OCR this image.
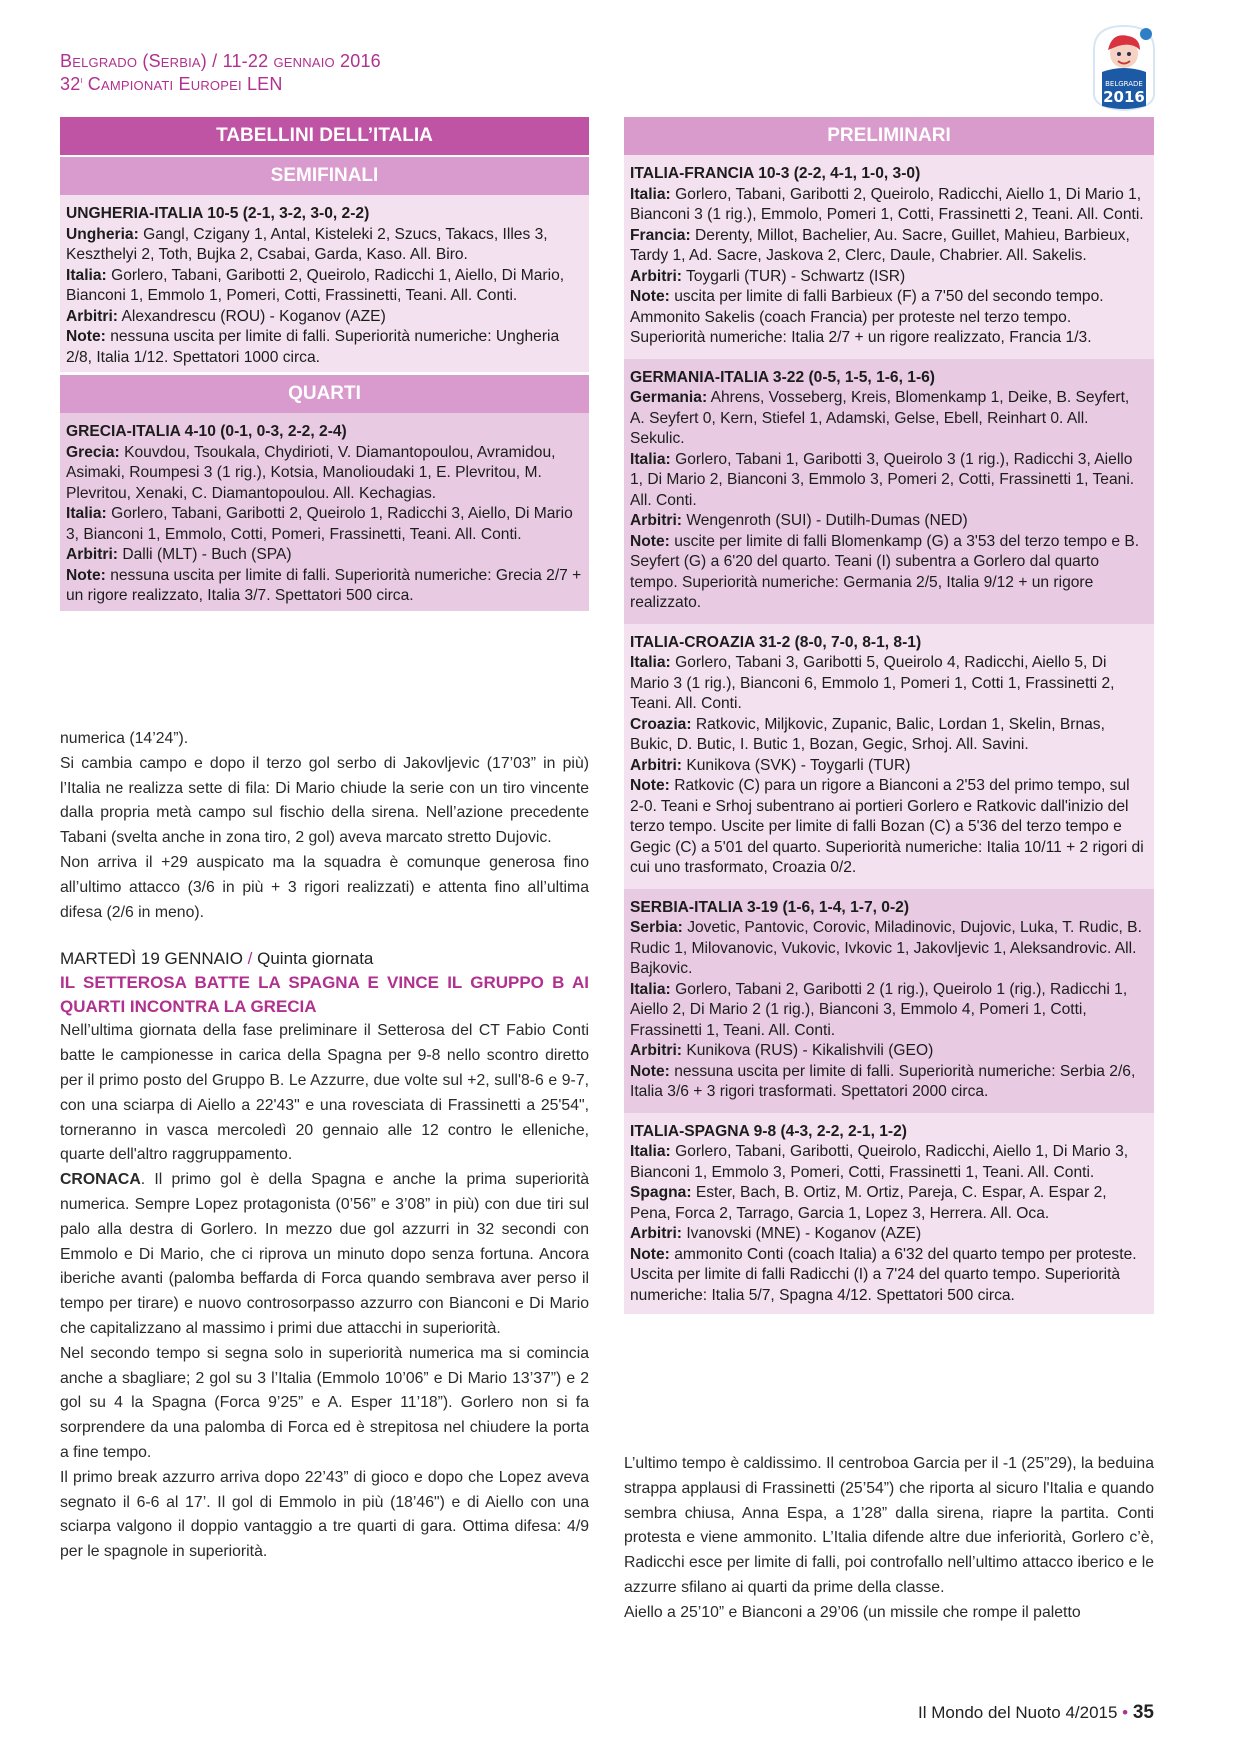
Belgrado (Serbia) / 11-22 gennaio 2016
32$^i$ Campionati Europei LEN	BELGRADE
2016
TABELLINI DELL’ITALIA
SEMIFINALI
UNGHERIA-ITALIA 10-5 (2-1, 3-2, 3-0, 2-2)
Ungheria: Gangl, Czigany 1, Antal, Kisteleki 2, Szucs, Takacs, Illes 3, Keszthelyi 2, Toth, Bujka 2, Csabai, Garda, Kaso. All. Biro.
Italia: Gorlero, Tabani, Garibotti 2, Queirolo, Radicchi 1, Aiello, Di Mario, Bianconi 1, Emmolo 1, Pomeri, Cotti, Frassinetti, Teani. All. Conti.
Arbitri: Alexandrescu (ROU) - Koganov (AZE)
Note: nessuna uscita per limite di falli. Superiorità numeriche: Ungheria 2/8, Italia 1/12. Spettatori 1000 circa.
QUARTI
GRECIA-ITALIA 4-10 (0-1, 0-3, 2-2, 2-4)
Grecia: Kouvdou, Tsoukala, Chydirioti, V. Diamantopoulou, Avramidou, Asimaki, Roumpesi 3 (1 rig.), Kotsia, Manolioudaki 1, E. Plevritou, M. Plevritou, Xenaki, C. Diamantopoulou. All. Kechagias.
Italia: Gorlero, Tabani, Garibotti 2, Queirolo 1, Radicchi 3, Aiello, Di Mario 3, Bianconi 1, Emmolo, Cotti, Pomeri, Frassinetti, Teani. All. Conti.
Arbitri: Dalli (MLT) - Buch (SPA)
Note: nessuna uscita per limite di falli. Superiorità numeriche: Grecia 2/7 + un rigore realizzato, Italia 3/7. Spettatori 500 circa.

numerica (14’24”).

Si cambia campo e dopo il terzo gol serbo di Jakovljevic (17’03” in più) l’Italia ne realizza sette di fila: Di Mario chiude la serie con un tiro vincente dalla propria metà campo sul fischio della sirena. Nell’azione precedente Tabani (svelta anche in zona tiro, 2 gol) aveva marcato stretto Dujovic.

Non arriva il +29 auspicato ma la squadra è comunque generosa fino all’ultimo attacco (3/6 in più + 3 rigori realizzati) e attenta fino all’ultima difesa (2/6 in meno).

MARTEDÌ 19 GENNAIO / Quinta giornata

IL SETTEROSA BATTE LA SPAGNA E VINCE IL GRUPPO B AI QUARTI INCONTRA LA GRECIA

Nell’ultima giornata della fase preliminare il Setterosa del CT Fabio Conti batte le campionesse in carica della Spagna per 9-8 nello scontro diretto per il primo posto del Gruppo B. Le Azzurre, due volte sul +2, sull'8-6 e 9-7, con una sciarpa di Aiello a 22'43" e una rovesciata di Frassinetti a 25'54", torneranno in vasca mercoledì 20 gennaio alle 12 contro le elleniche, quarte dell'altro raggruppamento.

CRONACA. Il primo gol è della Spagna e anche la prima superiorità numerica. Sempre Lopez protagonista (0’56” e 3’08” in più) con due tiri sul palo alla destra di Gorlero. In mezzo due gol azzurri in 32 secondi con Emmolo e Di Mario, che ci riprova un minuto dopo senza fortuna. Ancora iberiche avanti (palomba beffarda di Forca quando sembrava aver perso il tempo per tirare) e nuovo controsorpasso azzurro con Bianconi e Di Mario che capitalizzano al massimo i primi due attacchi in superiorità.

Nel secondo tempo si segna solo in superiorità numerica ma si comincia anche a sbagliare; 2 gol su 3 l’Italia (Emmolo 10’06” e Di Mario 13’37”) e 2 gol su 4 la Spagna (Forca 9’25” e A. Esper 11’18”). Gorlero non si fa sorprendere da una palomba di Forca ed è strepitosa nel chiudere la porta a fine tempo.

Il primo break azzurro arriva dopo 22’43” di gioco e dopo che Lopez aveva segnato il 6-6 al 17’. Il gol di Emmolo in più (18’46") e di Aiello con una sciarpa valgono il doppio vantaggio a tre quarti di gara. Ottima difesa: 4/9 per le spagnole in superiorità.

PRELIMINARI
ITALIA-FRANCIA 10-3 (2-2, 4-1, 1-0, 3-0)
Italia: Gorlero, Tabani, Garibotti 2, Queirolo, Radicchi, Aiello 1, Di Mario 1, Bianconi 3 (1 rig.), Emmolo, Pomeri 1, Cotti, Frassinetti 2, Teani. All. Conti.
Francia: Derenty, Millot, Bachelier, Au. Sacre, Guillet, Mahieu, Barbieux, Tardy 1, Ad. Sacre, Jaskova 2, Clerc, Daule, Chabrier. All. Sakelis.
Arbitri: Toygarli (TUR) - Schwartz (ISR)
Note: uscita per limite di falli Barbieux (F) a 7'50 del secondo tempo. Ammonito Sakelis (coach Francia) per proteste nel terzo tempo. Superiorità numeriche: Italia 2/7 + un rigore realizzato, Francia 1/3.
GERMANIA-ITALIA 3-22 (0-5, 1-5, 1-6, 1-6)
Germania: Ahrens, Vosseberg, Kreis, Blomenkamp 1, Deike, B. Seyfert, A. Seyfert 0, Kern, Stiefel 1, Adamski, Gelse, Ebell, Reinhart 0. All. Sekulic.
Italia: Gorlero, Tabani 1, Garibotti 3, Queirolo 3 (1 rig.), Radicchi 3, Aiello 1, Di Mario 2, Bianconi 3, Emmolo 3, Pomeri 2, Cotti, Frassinetti 1, Teani. All. Conti.
Arbitri: Wengenroth (SUI) - Dutilh-Dumas (NED)
Note: uscite per limite di falli Blomenkamp (G) a 3'53 del terzo tempo e B. Seyfert (G) a 6'20 del quarto. Teani (I) subentra a Gorlero dal quarto tempo. Superiorità numeriche: Germania 2/5, Italia 9/12 + un rigore realizzato.
ITALIA-CROAZIA 31-2 (8-0, 7-0, 8-1, 8-1)
Italia: Gorlero, Tabani 3, Garibotti 5, Queirolo 4, Radicchi, Aiello 5, Di Mario 3 (1 rig.), Bianconi 6, Emmolo 1, Pomeri 1, Cotti 1, Frassinetti 2, Teani. All. Conti.
Croazia: Ratkovic, Miljkovic, Zupanic, Balic, Lordan 1, Skelin, Brnas, Bukic, D. Butic, I. Butic 1, Bozan, Gegic, Srhoj. All. Savini.
Arbitri: Kunikova (SVK) - Toygarli (TUR)
Note: Ratkovic (C) para un rigore a Bianconi a 2'53 del primo tempo, sul 2-0. Teani e Srhoj subentrano ai portieri Gorlero e Ratkovic dall'inizio del terzo tempo. Uscite per limite di falli Bozan (C) a 5'36 del terzo tempo e Gegic (C) a 5'01 del quarto. Superiorità numeriche: Italia 10/11 + 2 rigori di cui uno trasformato, Croazia 0/2.
SERBIA-ITALIA 3-19 (1-6, 1-4, 1-7, 0-2)
Serbia: Jovetic, Pantovic, Corovic, Miladinovic, Dujovic, Luka, T. Rudic, B. Rudic 1, Milovanovic, Vukovic, Ivkovic 1, Jakovljevic 1, Aleksandrovic. All. Bajkovic.
Italia: Gorlero, Tabani 2, Garibotti 2 (1 rig.), Queirolo 1 (rig.), Radicchi 1, Aiello 2, Di Mario 2 (1 rig.), Bianconi 3, Emmolo 4, Pomeri 1, Cotti, Frassinetti 1, Teani. All. Conti.
Arbitri: Kunikova (RUS) - Kikalishvili (GEO)
Note: nessuna uscita per limite di falli. Superiorità numeriche: Serbia 2/6, Italia 3/6 + 3 rigori trasformati. Spettatori 2000 circa.
ITALIA-SPAGNA 9-8 (4-3, 2-2, 2-1, 1-2)
Italia: Gorlero, Tabani, Garibotti, Queirolo, Radicchi, Aiello 1, Di Mario 3, Bianconi 1, Emmolo 3, Pomeri, Cotti, Frassinetti 1, Teani. All. Conti.
Spagna: Ester, Bach, B. Ortiz, M. Ortiz, Pareja, C. Espar, A. Espar 2, Pena, Forca 2, Tarrago, Garcia 1, Lopez 3, Herrera. All. Oca.
Arbitri: Ivanovski (MNE) - Koganov (AZE)
Note: ammonito Conti (coach Italia) a 6'32 del quarto tempo per proteste. Uscita per limite di falli Radicchi (I) a 7'24 del quarto tempo. Superiorità numeriche: Italia 5/7, Spagna 4/12. Spettatori 500 circa.

L’ultimo tempo è caldissimo. Il centroboa Garcia per il -1 (25”29), la beduina strappa applausi di Frassinetti (25’54”) che riporta al sicuro l'Italia e quando sembra chiusa, Anna Espa, a 1’28” dalla sirena, riapre la partita. Conti protesta e viene ammonito. L’Italia difende altre due inferiorità, Gorlero c’è, Radicchi esce per limite di falli, poi controfallo nell’ultimo attacco iberico e le azzurre sfilano ai quarti da prime della classe.

Aiello a 25’10” e Bianconi a 29’06 (un missile che rompe il paletto

Il Mondo del Nuoto 4/2015 • 35
